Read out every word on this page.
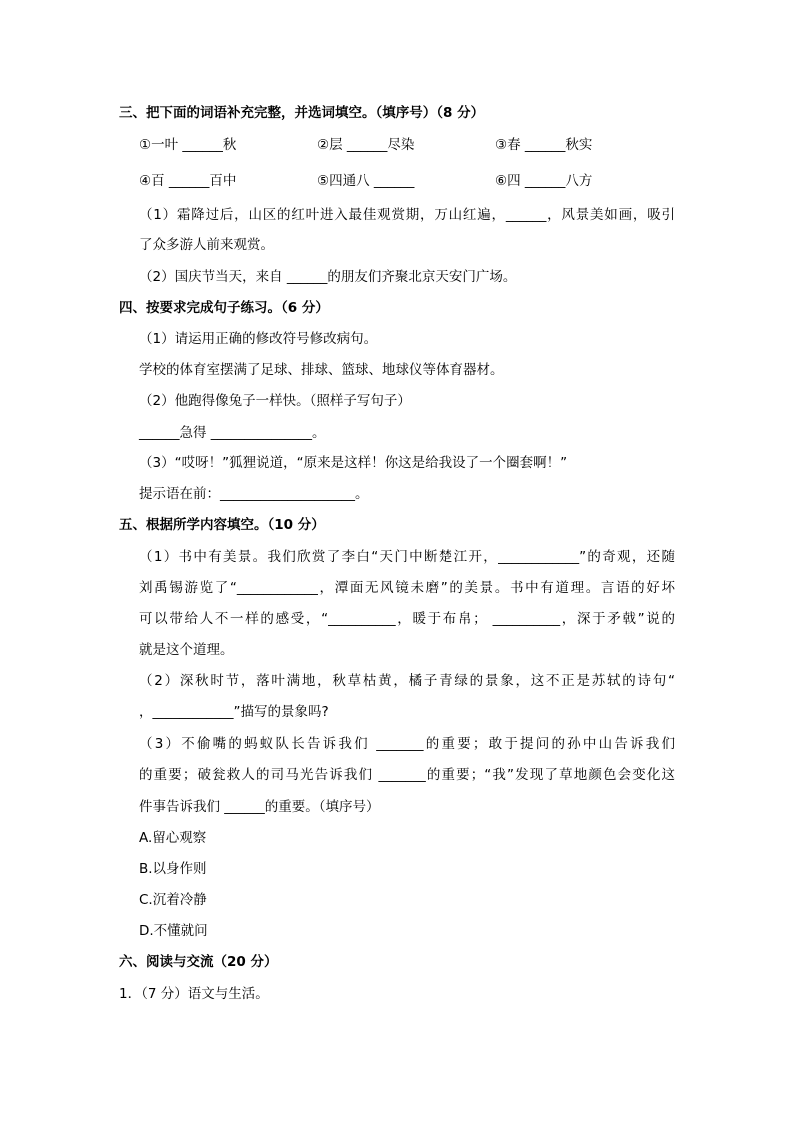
三、把下面的词语补充完整，并选词填空。（填序号）（8 分）
①一叶 ______秋	②层 ______尽染	③春 ______秋实
④百 ______百中	⑤四通八 ______	⑥四 ______八方
（1）霜降过后，山区的红叶进入最佳观赏期，万山红遍，______，风景美如画，吸引
了众多游人前来观赏。
（2）国庆节当天，来自 ______的朋友们齐聚北京天安门广场。
四、按要求完成句子练习。（6 分）
（1）请运用正确的修改符号修改病句。
学校的体育室摆满了足球、排球、篮球、地球仪等体育器材。
（2）他跑得像兔子一样快。（照样子写句子）
______急得 _______________。
（3）“哎呀！”狐狸说道，“原来是这样！你这是给我设了一个圈套啊！”
提示语在前：____________________。
五、根据所学内容填空。（10 分）
（1）书中有美景。我们欣赏了李白“天门中断楚江开，____________”的奇观，还随
刘禹锡游览了“____________，潭面无风镜未磨”的美景。书中有道理。言语的好坏
可以带给人不一样的感受，“__________，暖于布帛； __________，深于矛戟”说的
就是这个道理。
（2）深秋时节，落叶满地，秋草枯黄，橘子青绿的景象，这不正是苏轼的诗句“
，____________”描写的景象吗?
（3）不偷嘴的蚂蚁队长告诉我们 _______的重要；敢于提问的孙中山告诉我们
的重要；破瓮救人的司马光告诉我们 _______的重要；“我”发现了草地颜色会变化这
件事告诉我们 ______的重要。（填序号）
A.留心观察
B.以身作则
C.沉着冷静
D.不懂就问
六、阅读与交流（20 分）
1．（7 分）语文与生活。
